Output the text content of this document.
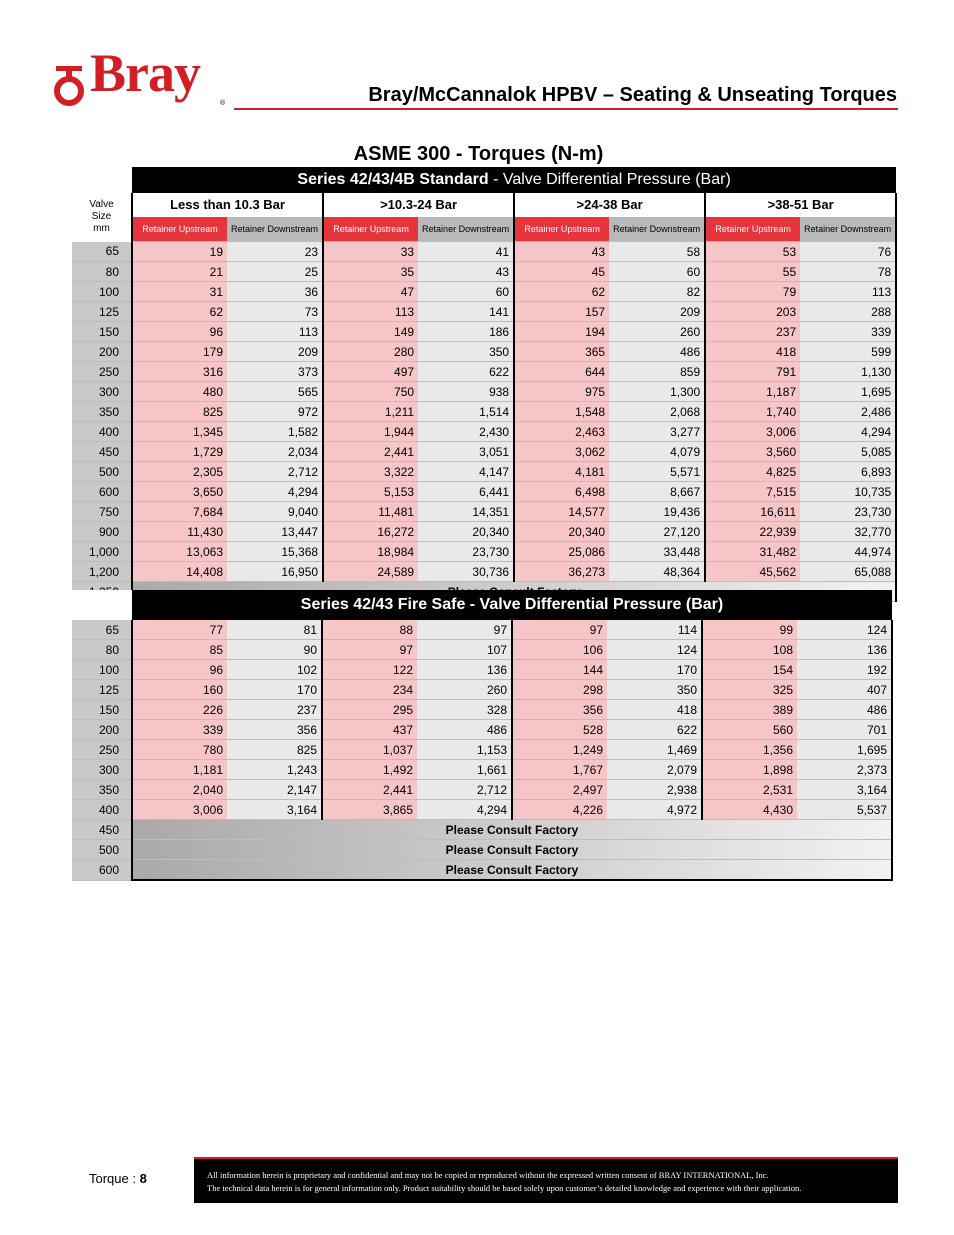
Bray
®	Bray/McCannalok HPBV – Seating & Unseating Torques
ASME 300 - Torques (N-m)
	Series 42/43/4B Standard - Valve Differential Pressure (Bar)							

Valve
Size
mm	Less than 10.3 Bar		>10.3-24 Bar		>24-38 Bar		>38-51 Bar	
	Retainer Upstream	Retainer Downstream	Retainer Upstream	Retainer Downstream	Retainer Upstream	Retainer Downstream	Retainer Upstream	Retainer Downstream
65	19	23	33	41	43	58	53	76
80	21	25	35	43	45	60	55	78
100	31	36	47	60	62	82	79	113
125	62	73	113	141	157	209	203	288
150	96	113	149	186	194	260	237	339
200	179	209	280	350	365	486	418	599
250	316	373	497	622	644	859	791	1,130
300	480	565	750	938	975	1,300	1,187	1,695
350	825	972	1,211	1,514	1,548	2,068	1,740	2,486
400	1,345	1,582	1,944	2,430	2,463	3,277	3,006	4,294
450	1,729	2,034	2,441	3,051	3,062	4,079	3,560	5,085
500	2,305	2,712	3,322	4,147	4,181	5,571	4,825	6,893
600	3,650	4,294	5,153	6,441	6,498	8,667	7,515	10,735
750	7,684	9,040	11,481	14,351	14,577	19,436	16,611	23,730
900	11,430	13,447	16,272	20,340	20,340	27,120	22,939	32,770
1,000	13,063	15,368	18,984	23,730	25,086	33,448	31,482	44,974
1,200	14,408	16,950	24,589	30,736	36,273	48,364	45,562	65,088

	Series 42/43 Fire Safe - Valve Differential Pressure (Bar)							
65	77	81	88	97	97	114	99	124
80	85	90	97	107	106	124	108	136
100	96	102	122	136	144	170	154	192
125	160	170	234	260	298	350	325	407
150	226	237	295	328	356	418	389	486
200	339	356	437	486	528	622	560	701
250	780	825	1,037	1,153	1,249	1,469	1,356	1,695
300	1,181	1,243	1,492	1,661	1,767	2,079	1,898	2,373
350	2,040	2,147	2,441	2,712	2,497	2,938	2,531	3,164
400	3,006	3,164	3,865	4,294	4,226	4,972	4,430	5,537
450	Please Consult Factory							
500	Please Consult Factory							
600	Please Consult Factory							
Torque : 8	All information herein is proprietary and confidential and may not be copied or reproduced without the expressed written consent of BRAY INTERNATIONAL, Inc.
The technical data herein is for general information only. Product suitability should be based solely upon customer’s detailed knowledge and experience with their application.
